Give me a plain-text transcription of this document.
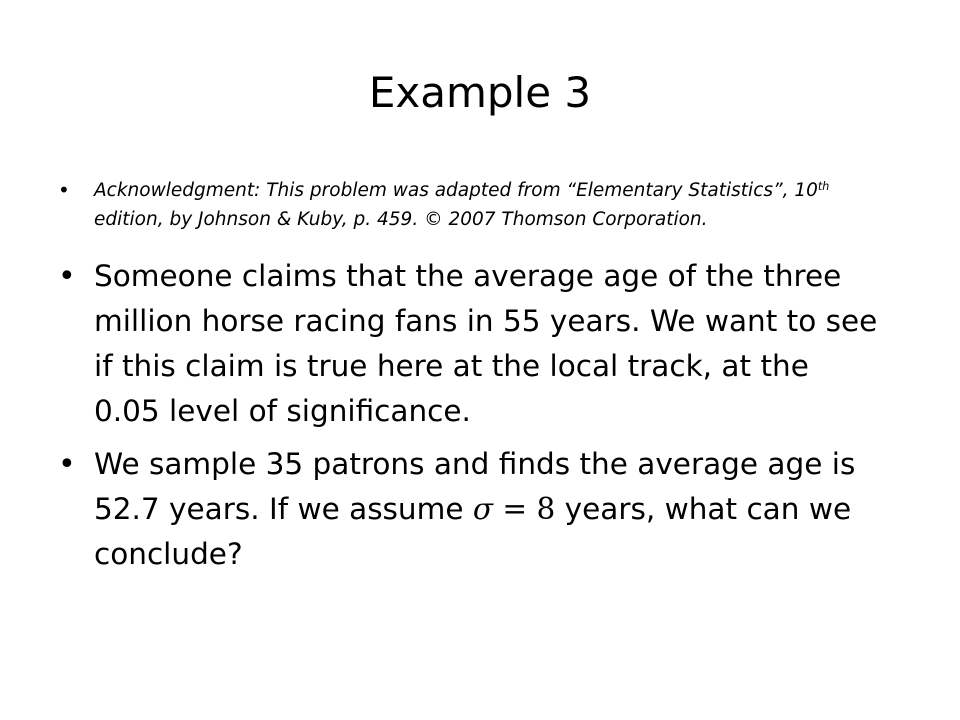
Example 3
• Acknowledgment: This problem was adapted from “Elementary Statistics”, 10th edition, by Johnson & Kuby, p. 459. © 2007 Thomson Corporation.
• Someone claims that the average age of the three million horse racing fans in 55 years. We want to see if this claim is true here at the local track, at the 0.05 level of significance.
• We sample 35 patrons and finds the average age is 52.7 years. If we assume σ = 8 years, what can we conclude?
